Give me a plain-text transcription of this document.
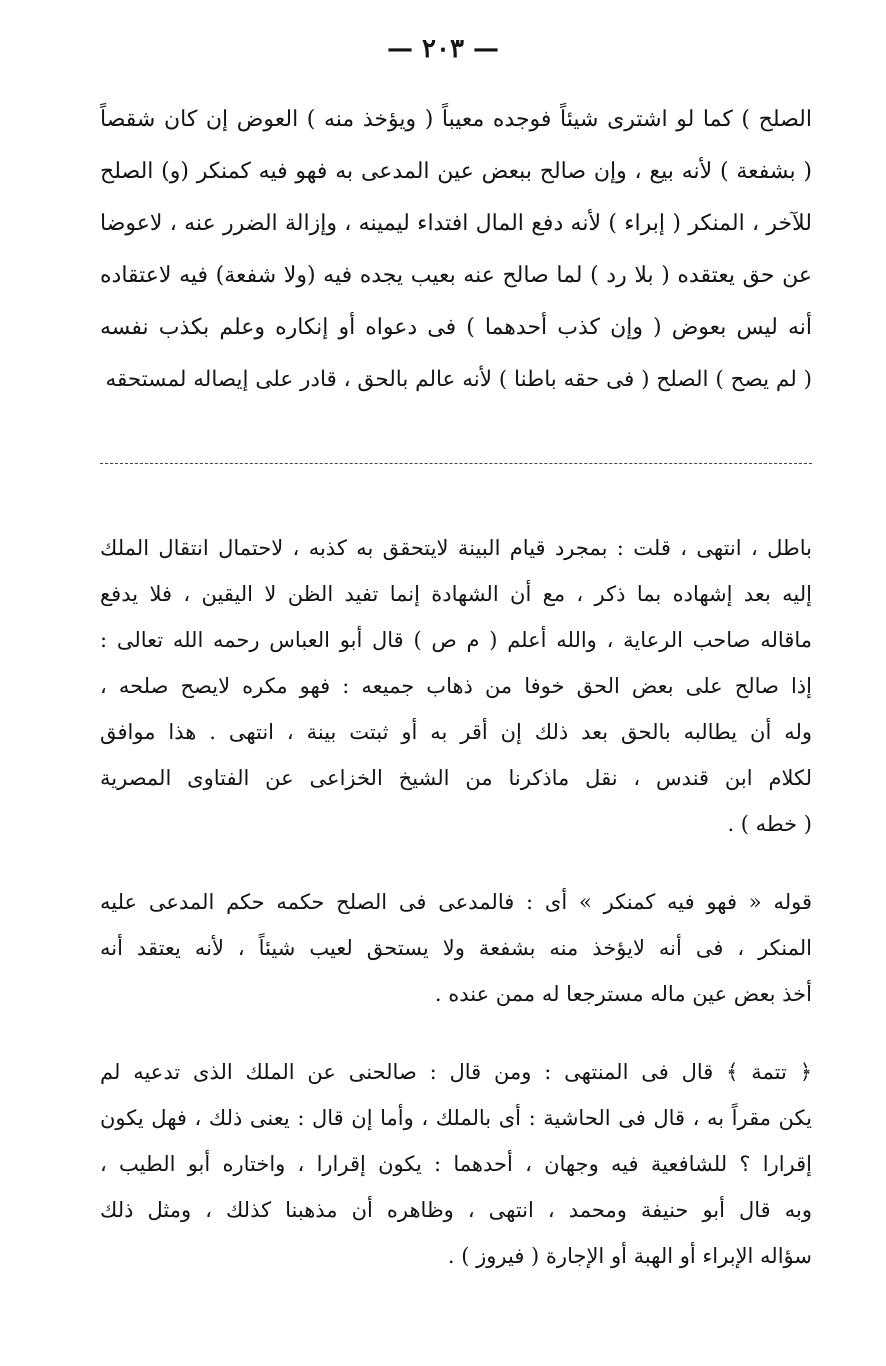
— ٢٠٣ —
الصلح ) كما لو اشترى شيئاً فوجده معيباً ( ويؤخذ منه ) العوض إن كان شقصاً
( بشفعة ) لأنه بيع ، وإن صالح ببعض عين المدعى به فهو فيه كمنكر (و) الصلح
للآخر ، المنكر ( إبراء ) لأنه دفع المال افتداء ليمينه ، وإزالة الضرر عنه ، لاعوضا
عن حق يعتقده ( بلا رد ) لما صالح عنه بعيب يجده فيه (ولا شفعة) فيه لاعتقاده
أنه ليس بعوض ( وإن كذب أحدهما ) فى دعواه أو إنكاره وعلم بكذب نفسه
( لم يصح ) الصلح ( فى حقه باطنا ) لأنه عالم بالحق ، قادر على إيصاله لمستحقه
باطل ، انتهى ، قلت : بمجرد قيام البينة لايتحقق به كذبه ، لاحتمال انتقال الملك
إليه بعد إشهاده بما ذكر ، مع أن الشهادة إنما تفيد الظن لا اليقين ، فلا يدفع
ماقاله صاحب الرعاية ، والله أعلم ( م ص ) قال أبو العباس رحمه الله تعالى :
إذا صالح على بعض الحق خوفا من ذهاب جميعه : فهو مكره لايصح صلحه ،
وله أن يطالبه بالحق بعد ذلك إن أقر به أو ثبتت بينة ، انتهى . هذا موافق
لكلام ابن قندس ، نقل ماذكرنا من الشيخ الخزاعى عن الفتاوى المصرية
( خطه ) .
قوله « فهو فيه كمنكر » أى : فالمدعى فى الصلح حكمه حكم المدعى عليه
المنكر ، فى أنه لايؤخذ منه بشفعة ولا يستحق لعيب شيئاً ، لأنه يعتقد أنه
أخذ بعض عين ماله مسترجعا له ممن عنده .
﴿ تتمة ﴾ قال فى المنتهى : ومن قال : صالحنى عن الملك الذى تدعيه لم
يكن مقراً به ، قال فى الحاشية : أى بالملك ، وأما إن قال : يعنى ذلك ، فهل يكون
إقرارا ؟ للشافعية فيه وجهان ، أحدهما : يكون إقرارا ، واختاره أبو الطيب ،
وبه قال أبو حنيفة ومحمد ، انتهى ، وظاهره أن مذهبنا كذلك ، ومثل ذلك
سؤاله الإبراء أو الهبة أو الإجارة ( فيروز ) .
